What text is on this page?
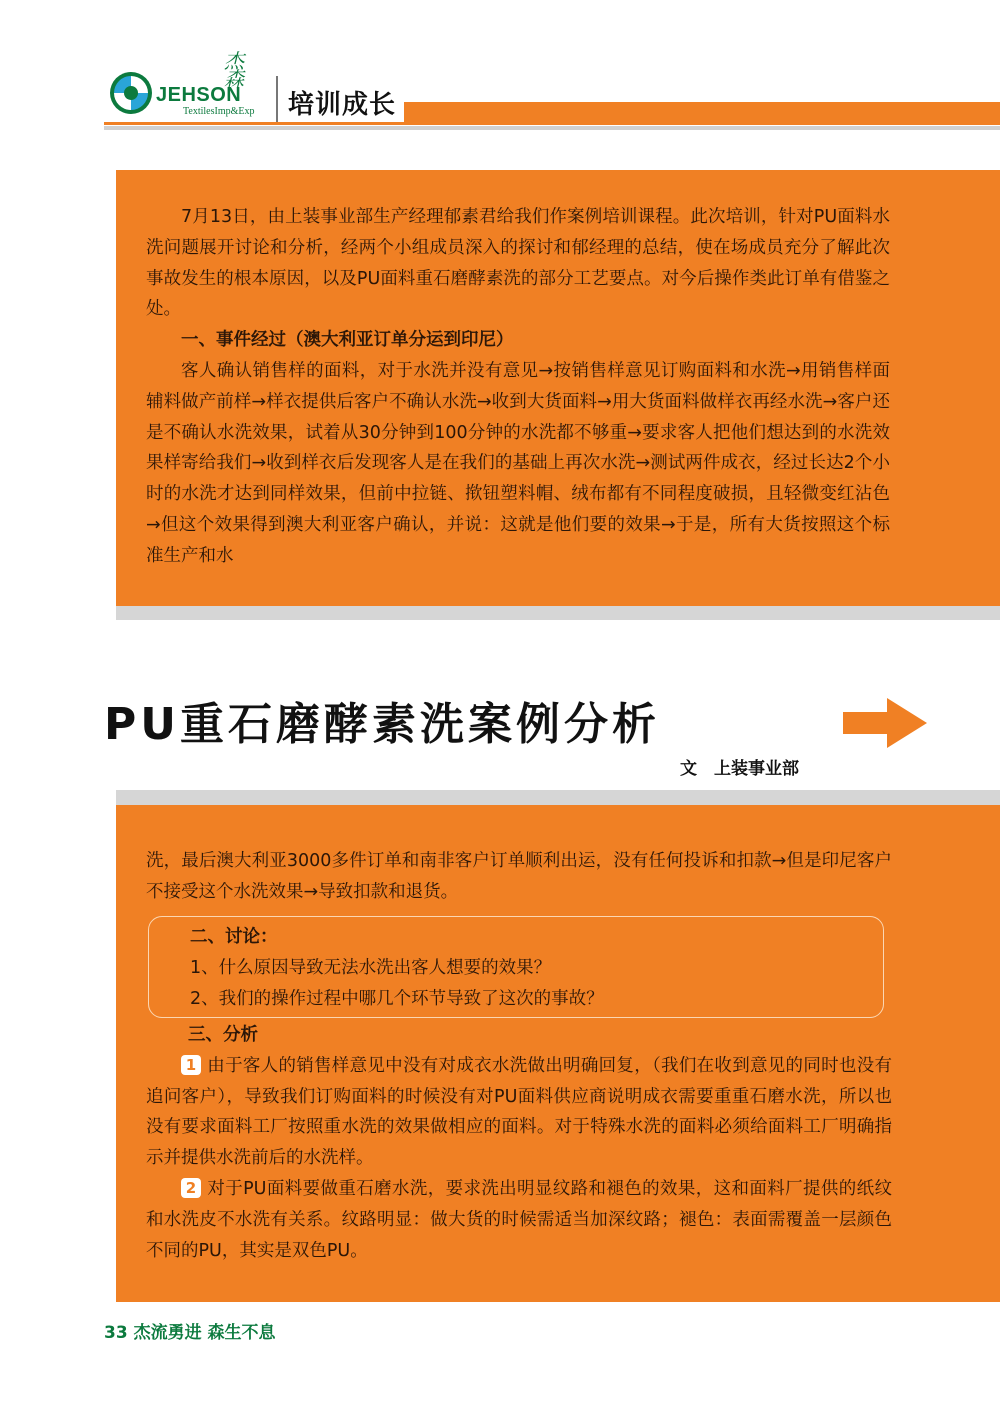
JEHSON
杰森
TextilesImp&Exp 培训成长

7月13日，由上装事业部生产经理郁素君给我们作案例培训课程。此次培训，针对PU面料水洗问题展开讨论和分析，经两个小组成员深入的探讨和郁经理的总结，使在场成员充分了解此次事故发生的根本原因，以及PU面料重石磨酵素洗的部分工艺要点。对今后操作类此订单有借鉴之处。

一、事件经过（澳大利亚订单分运到印尼）

客人确认销售样的面料，对于水洗并没有意见→按销售样意见订购面料和水洗→用销售样面辅料做产前样→样衣提供后客户不确认水洗→收到大货面料→用大货面料做样衣再经水洗→客户还是不确认水洗效果，试着从30分钟到100分钟的水洗都不够重→要求客人把他们想达到的水洗效果样寄给我们→收到样衣后发现客人是在我们的基础上再次水洗→测试两件成衣，经过长达2个小时的水洗才达到同样效果，但前中拉链、揿钮塑料帽、绒布都有不同程度破损，且轻微变红沾色→但这个效果得到澳大利亚客户确认，并说：这就是他们要的效果→于是，所有大货按照这个标准生产和水

PU重石磨酵素洗案例分析
文　上装事业部

洗，最后澳大利亚3000多件订单和南非客户订单顺利出运，没有任何投诉和扣款→但是印尼客户不接受这个水洗效果→导致扣款和退货。

二、讨论：

1、什么原因导致无法水洗出客人想要的效果？

2、我们的操作过程中哪几个环节导致了这次的事故？

三、分析

1 由于客人的销售样意见中没有对成衣水洗做出明确回复，（我们在收到意见的同时也没有追问客户），导致我们订购面料的时候没有对PU面料供应商说明成衣需要重重石磨水洗，所以也没有要求面料工厂按照重水洗的效果做相应的面料。对于特殊水洗的面料必须给面料工厂明确指示并提供水洗前后的水洗样。

2 对于PU面料要做重石磨水洗，要求洗出明显纹路和褪色的效果，这和面料厂提供的纸纹和水洗皮不水洗有关系。纹路明显：做大货的时候需适当加深纹路；褪色：表面需覆盖一层颜色不同的PU，其实是双色PU。

33 杰流勇进 森生不息
